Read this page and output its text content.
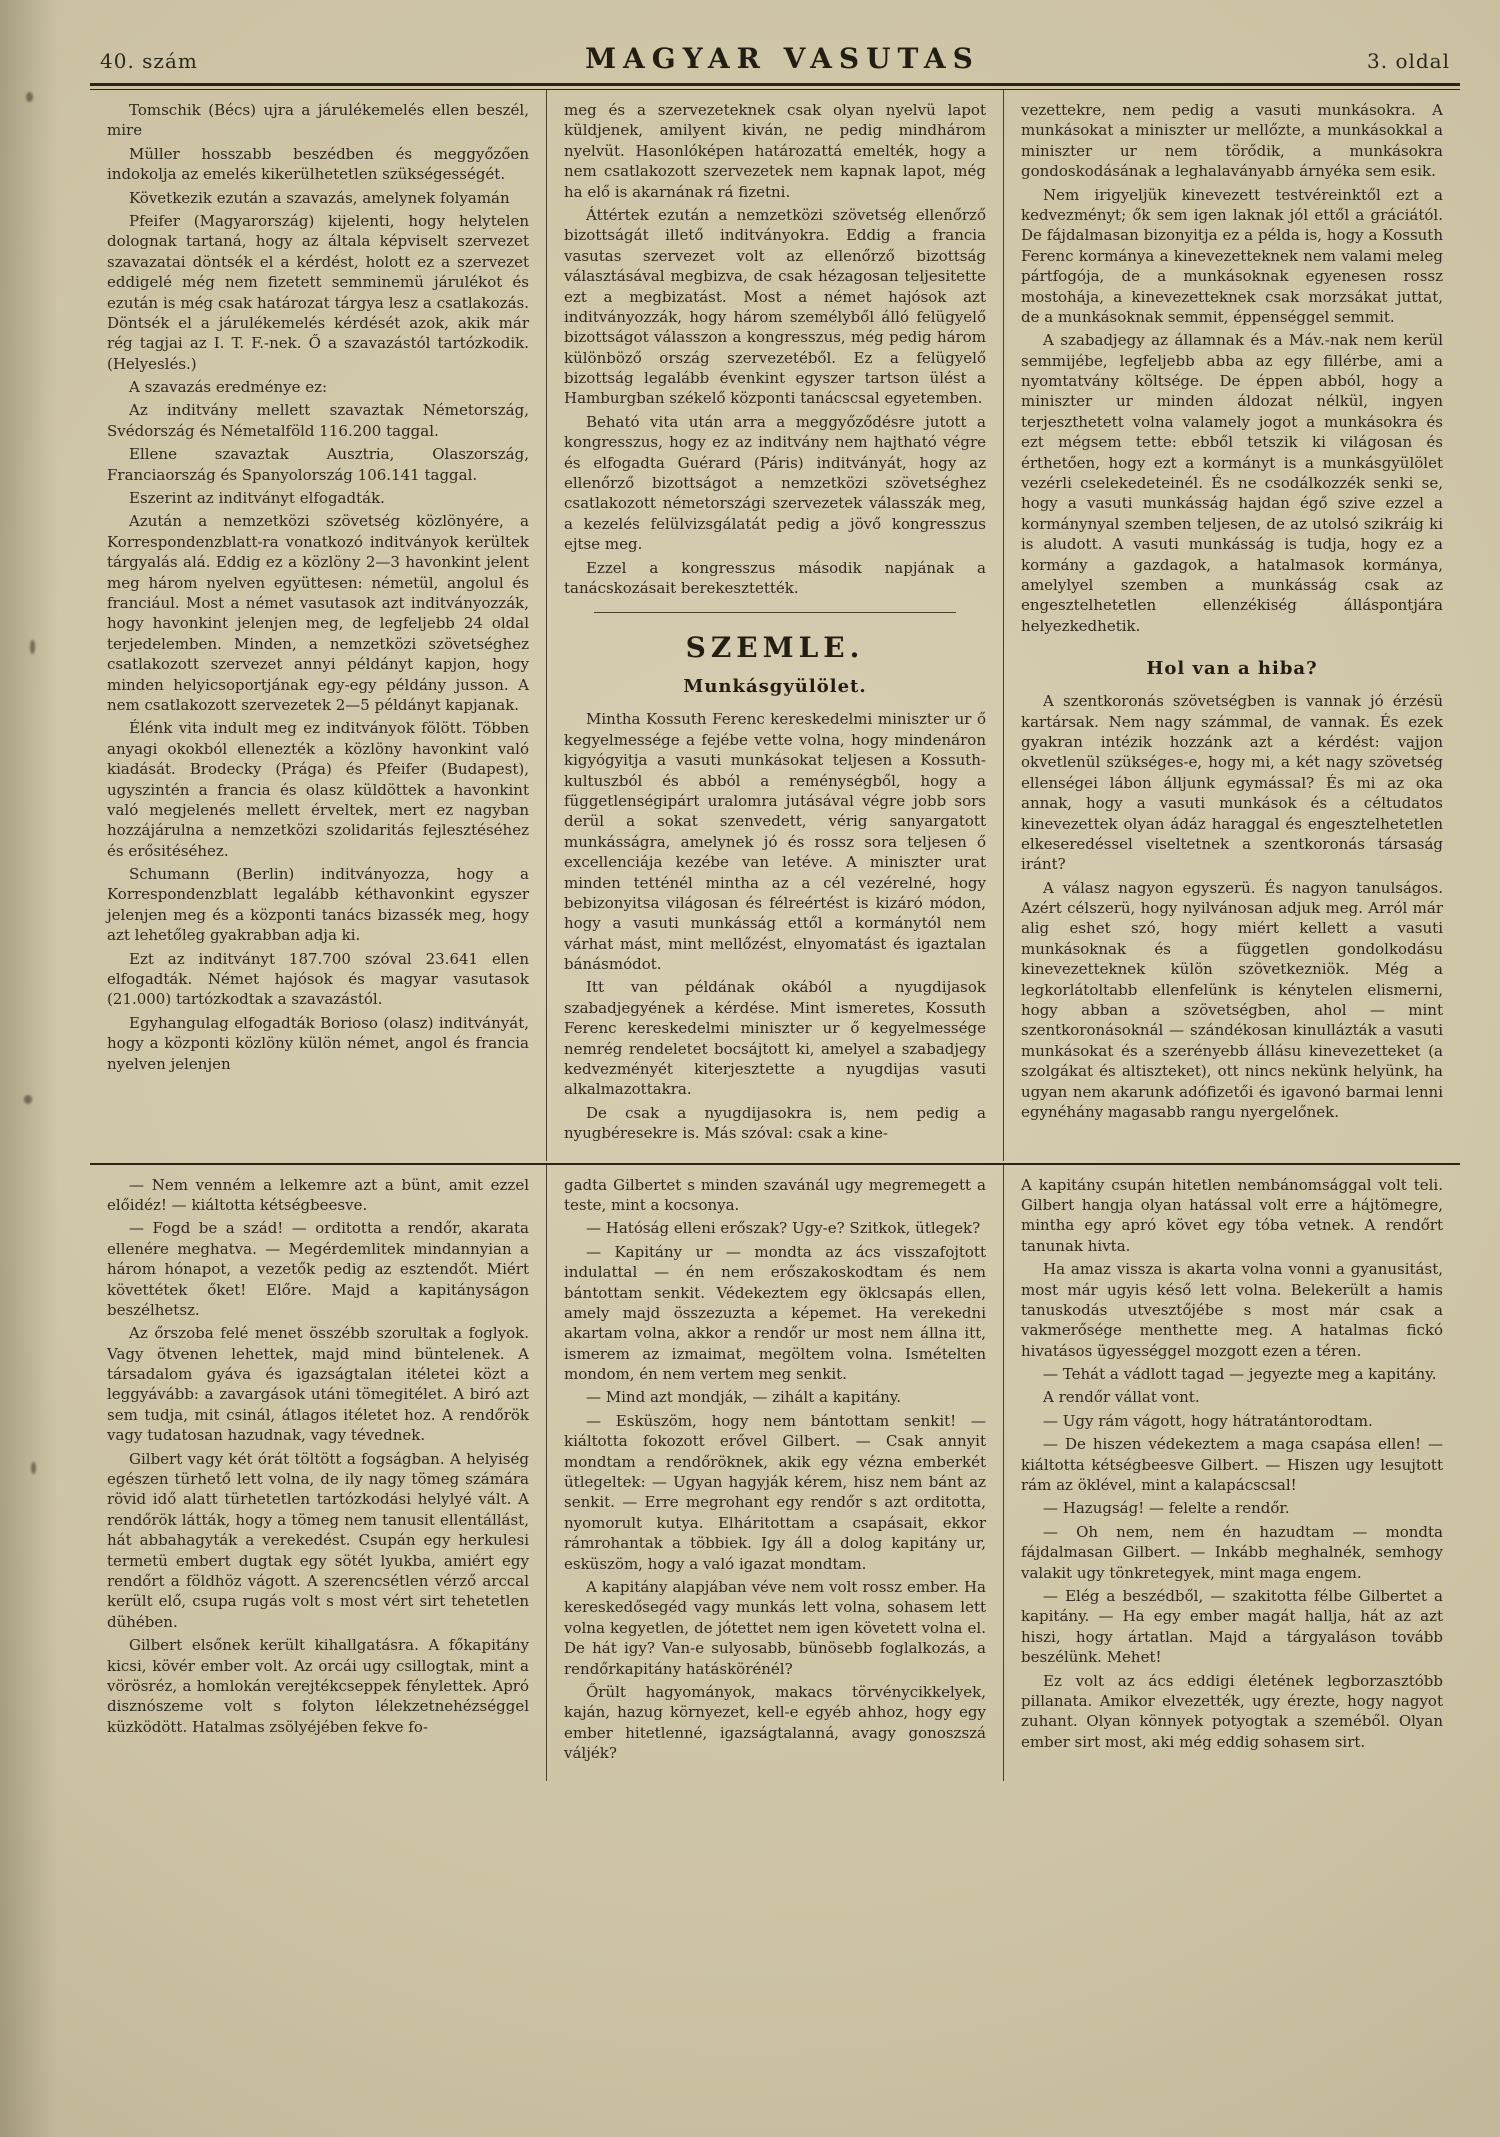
40. szám	MAGYAR VASUTAS	3. oldal

Tomschik (Bécs) ujra a járulékemelés ellen beszél, mire

Müller hosszabb beszédben és meggyőzően indokolja az emelés kikerülhetetlen szükségességét.

Következik ezután a szavazás, amelynek folyamán

Pfeifer (Magyarország) kijelenti, hogy helytelen dolognak tartaná, hogy az általa képviselt szervezet szavazatai döntsék el a kérdést, holott ez a szervezet eddigelé még nem fizetett semminemü járulékot és ezután is még csak határozat tárgya lesz a csatlakozás. Döntsék el a járulékemelés kérdését azok, akik már rég tagjai az I. T. F.-nek. Ő a szavazástól tartózkodik. (Helyeslés.)

A szavazás eredménye ez:

Az inditvány mellett szavaztak Németország, Svédország és Németalföld 116.200 taggal.

Ellene szavaztak Ausztria, Olaszország, Franciaország és Spanyolország 106.141 taggal.

Eszerint az inditványt elfogadták.

Azután a nemzetközi szövetség közlönyére, a Korrespondenzblatt-ra vonatkozó inditványok kerültek tárgyalás alá. Eddig ez a közlöny 2—3 havonkint jelent meg három nyelven együttesen: németül, angolul és franciául. Most a német vasutasok azt inditványozzák, hogy havonkint jelenjen meg, de legfeljebb 24 oldal terjedelemben. Minden, a nemzetközi szövetséghez csatlakozott szervezet annyi példányt kapjon, hogy minden helyicsoportjának egy-egy példány jusson. A nem csatlakozott szervezetek 2—5 példányt kapjanak.

Élénk vita indult meg ez inditványok fölött. Többen anyagi okokból ellenezték a közlöny havonkint való kiadását. Brodecky (Prága) és Pfeifer (Budapest), ugyszintén a francia és olasz küldöttek a havonkint való megjelenés mellett érveltek, mert ez nagyban hozzájárulna a nemzetközi szolidaritás fejlesztéséhez és erősitéséhez.

Schumann (Berlin) inditványozza, hogy a Korrespondenzblatt legalább kéthavonkint egyszer jelenjen meg és a központi tanács bizassék meg, hogy azt lehetőleg gyakrabban adja ki.

Ezt az inditványt 187.700 szóval 23.641 ellen elfogadták. Német hajósok és magyar vasutasok (21.000) tartózkodtak a szavazástól.

Egyhangulag elfogadták Borioso (olasz) inditványát, hogy a központi közlöny külön német, angol és francia nyelven jelenjen

meg és a szervezeteknek csak olyan nyelvü lapot küldjenek, amilyent kiván, ne pedig mindhárom nyelvüt. Hasonlóképen határozattá emelték, hogy a nem csatlakozott szervezetek nem kapnak lapot, még ha elő is akarnának rá fizetni.

Áttértek ezután a nemzetközi szövetség ellenőrző bizottságát illető inditványokra. Eddig a francia vasutas szervezet volt az ellenőrző bizottság választásával megbizva, de csak hézagosan teljesitette ezt a megbizatást. Most a német hajósok azt inditványozzák, hogy három személyből álló felügyelő bizottságot válasszon a kongresszus, még pedig három különböző ország szervezetéből. Ez a felügyelő bizottság legalább évenkint egyszer tartson ülést a Hamburgban székelő központi tanácscsal egyetemben.

Beható vita után arra a meggyőződésre jutott a kongresszus, hogy ez az inditvány nem hajtható végre és elfogadta Guérard (Páris) inditványát, hogy az ellenőrző bizottságot a nemzetközi szövetséghez csatlakozott németországi szervezetek válasszák meg, a kezelés felülvizsgálatát pedig a jövő kongresszus ejtse meg.

Ezzel a kongresszus második napjának a tanácskozásait berekesztették.

SZEMLE.
Munkásgyülölet.

Mintha Kossuth Ferenc kereskedelmi miniszter ur ő kegyelmessége a fejébe vette volna, hogy mindenáron kigyógyitja a vasuti munkásokat teljesen a Kossuth-kultuszból és abból a reménységből, hogy a függetlenségipárt uralomra jutásával végre jobb sors derül a sokat szenvedett, vérig sanyargatott munkásságra, amelynek jó és rossz sora teljesen ő excellenciája kezébe van letéve. A miniszter urat minden tetténél mintha az a cél vezérelné, hogy bebizonyitsa világosan és félreértést is kizáró módon, hogy a vasuti munkásság ettől a kormánytól nem várhat mást, mint mellőzést, elnyomatást és igaztalan bánásmódot.

Itt van példának okából a nyugdijasok szabadjegyének a kérdése. Mint ismeretes, Kossuth Ferenc kereskedelmi miniszter ur ő kegyelmessége nemrég rendeletet bocsájtott ki, amelyel a szabadjegy kedvezményét kiterjesztette a nyugdijas vasuti alkalmazottakra.

De csak a nyugdijasokra is, nem pedig a nyugbéresekre is. Más szóval: csak a kine-

vezettekre, nem pedig a vasuti munkásokra. A munkásokat a miniszter ur mellőzte, a munkásokkal a miniszter ur nem törődik, a munkásokra gondoskodásának a leghalaványabb árnyéka sem esik.

Nem irigyeljük kinevezett testvéreinktől ezt a kedvezményt; ők sem igen laknak jól ettől a gráciától. De fájdalmasan bizonyitja ez a példa is, hogy a Kossuth Ferenc kormánya a kinevezetteknek nem valami meleg pártfogója, de a munkásoknak egyenesen rossz mostohája, a kinevezetteknek csak morzsákat juttat, de a munkásoknak semmit, éppenséggel semmit.

A szabadjegy az államnak és a Máv.-nak nem kerül semmijébe, legfeljebb abba az egy fillérbe, ami a nyomtatvány költsége. De éppen abból, hogy a miniszter ur minden áldozat nélkül, ingyen terjeszthetett volna valamely jogot a munkásokra és ezt mégsem tette: ebből tetszik ki világosan és érthetően, hogy ezt a kormányt is a munkásgyülölet vezérli cselekedeteinél. És ne csodálkozzék senki se, hogy a vasuti munkásság hajdan égő szive ezzel a kormánynyal szemben teljesen, de az utolsó szikráig ki is aludott. A vasuti munkásság is tudja, hogy ez a kormány a gazdagok, a hatalmasok kormánya, amelylyel szemben a munkásság csak az engesztelhetetlen ellenzékiség álláspontjára helyezkedhetik.

Hol van a hiba?

A szentkoronás szövetségben is vannak jó érzésü kartársak. Nem nagy számmal, de vannak. És ezek gyakran intézik hozzánk azt a kérdést: vajjon okvetlenül szükséges-e, hogy mi, a két nagy szövetség ellenségei lábon álljunk egymással? És mi az oka annak, hogy a vasuti munkások és a céltudatos kinevezettek olyan ádáz haraggal és engesztelhetetlen elkeseredéssel viseltetnek a szentkoronás társaság iránt?

A válasz nagyon egyszerü. És nagyon tanulságos. Azért célszerü, hogy nyilvánosan adjuk meg. Arról már alig eshet szó, hogy miért kellett a vasuti munkásoknak és a független gondolkodásu kinevezetteknek külön szövetkezniök. Még a legkorlátoltabb ellenfelünk is kénytelen elismerni, hogy abban a szövetségben, ahol — mint szentkoronásoknál — szándékosan kinullázták a vasuti munkásokat és a szerényebb állásu kinevezetteket (a szolgákat és altiszteket), ott nincs nekünk helyünk, ha ugyan nem akarunk adófizetői és igavonó barmai lenni egynéhány magasabb rangu nyergelőnek.

— Nem venném a lelkemre azt a bünt, amit ezzel előidéz! — kiáltotta kétségbeesve.

— Fogd be a szád! — orditotta a rendőr, akarata ellenére meghatva. — Megérdemlitek mindannyian a három hónapot, a vezetők pedig az esztendőt. Miért követtétek őket! Előre. Majd a kapitányságon beszélhetsz.

Az őrszoba felé menet összébb szorultak a foglyok. Vagy ötvenen lehettek, majd mind büntelenek. A társadalom gyáva és igazságtalan itéletei közt a leggyávább: a zavargások utáni tömegitélet. A biró azt sem tudja, mit csinál, átlagos itéletet hoz. A rendőrök vagy tudatosan hazudnak, vagy tévednek.

Gilbert vagy két órát töltött a fogságban. A helyiség egészen türhető lett volna, de ily nagy tömeg számára rövid idő alatt türhetetlen tartózkodási helylyé vált. A rendőrök látták, hogy a tömeg nem tanusit ellentállást, hát abbahagyták a verekedést. Csupán egy herkulesi termetü embert dugtak egy sötét lyukba, amiért egy rendőrt a földhöz vágott. A szerencsétlen vérző arccal került elő, csupa rugás volt s most vért sirt tehetetlen dühében.

Gilbert elsőnek került kihallgatásra. A főkapitány kicsi, kövér ember volt. Az orcái ugy csillogtak, mint a vörösréz, a homlokán verejtékcseppek fénylettek. Apró disznószeme volt s folyton lélekzetnehézséggel küzködött. Hatalmas zsölyéjében fekve fo-

gadta Gilbertet s minden szavánál ugy megremegett a teste, mint a kocsonya.

— Hatóság elleni erőszak? Ugy-e? Szitkok, ütlegek?

— Kapitány ur — mondta az ács visszafojtott indulattal — én nem erőszakoskodtam és nem bántottam senkit. Védekeztem egy öklcsapás ellen, amely majd összezuzta a képemet. Ha verekedni akartam volna, akkor a rendőr ur most nem állna itt, ismerem az izmaimat, megöltem volna. Ismételten mondom, én nem vertem meg senkit.

— Mind azt mondják, — zihált a kapitány.

— Esküszöm, hogy nem bántottam senkit! — kiáltotta fokozott erővel Gilbert. — Csak annyit mondtam a rendőröknek, akik egy vézna emberkét ütlegeltek: — Ugyan hagyják kérem, hisz nem bánt az senkit. — Erre megrohant egy rendőr s azt orditotta, nyomorult kutya. Elháritottam a csapásait, ekkor rámrohantak a többiek. Igy áll a dolog kapitány ur, esküszöm, hogy a való igazat mondtam.

A kapitány alapjában véve nem volt rossz ember. Ha kereskedősegéd vagy munkás lett volna, sohasem lett volna kegyetlen, de jótettet nem igen követett volna el. De hát igy? Van-e sulyosabb, bünösebb foglalkozás, a rendőrkapitány hatáskörénél?

Őrült hagyományok, makacs törvénycikkelyek, kaján, hazug környezet, kell-e egyéb ahhoz, hogy egy ember hitetlenné, igazságtalanná, avagy gonoszszá váljék?

A kapitány csupán hitetlen nembánomsággal volt teli. Gilbert hangja olyan hatással volt erre a hájtömegre, mintha egy apró követ egy tóba vetnek. A rendőrt tanunak hivta.

Ha amaz vissza is akarta volna vonni a gyanusitást, most már ugyis késő lett volna. Belekerült a hamis tanuskodás utvesztőjébe s most már csak a vakmerősége menthette meg. A hatalmas fickó hivatásos ügyességgel mozgott ezen a téren.

— Tehát a vádlott tagad — jegyezte meg a kapitány.

A rendőr vállat vont.

— Ugy rám vágott, hogy hátratántorodtam.

— De hiszen védekeztem a maga csapása ellen! — kiáltotta kétségbeesve Gilbert. — Hiszen ugy lesujtott rám az öklével, mint a kalapácscsal!

— Hazugság! — felelte a rendőr.

— Oh nem, nem én hazudtam — mondta fájdalmasan Gilbert. — Inkább meghalnék, semhogy valakit ugy tönkretegyek, mint maga engem.

— Elég a beszédből, — szakitotta félbe Gilbertet a kapitány. — Ha egy ember magát hallja, hát az azt hiszi, hogy ártatlan. Majd a tárgyaláson tovább beszélünk. Mehet!

Ez volt az ács eddigi életének legborzasztóbb pillanata. Amikor elvezették, ugy érezte, hogy nagyot zuhant. Olyan könnyek potyogtak a szeméből. Olyan ember sirt most, aki még eddig sohasem sirt.
